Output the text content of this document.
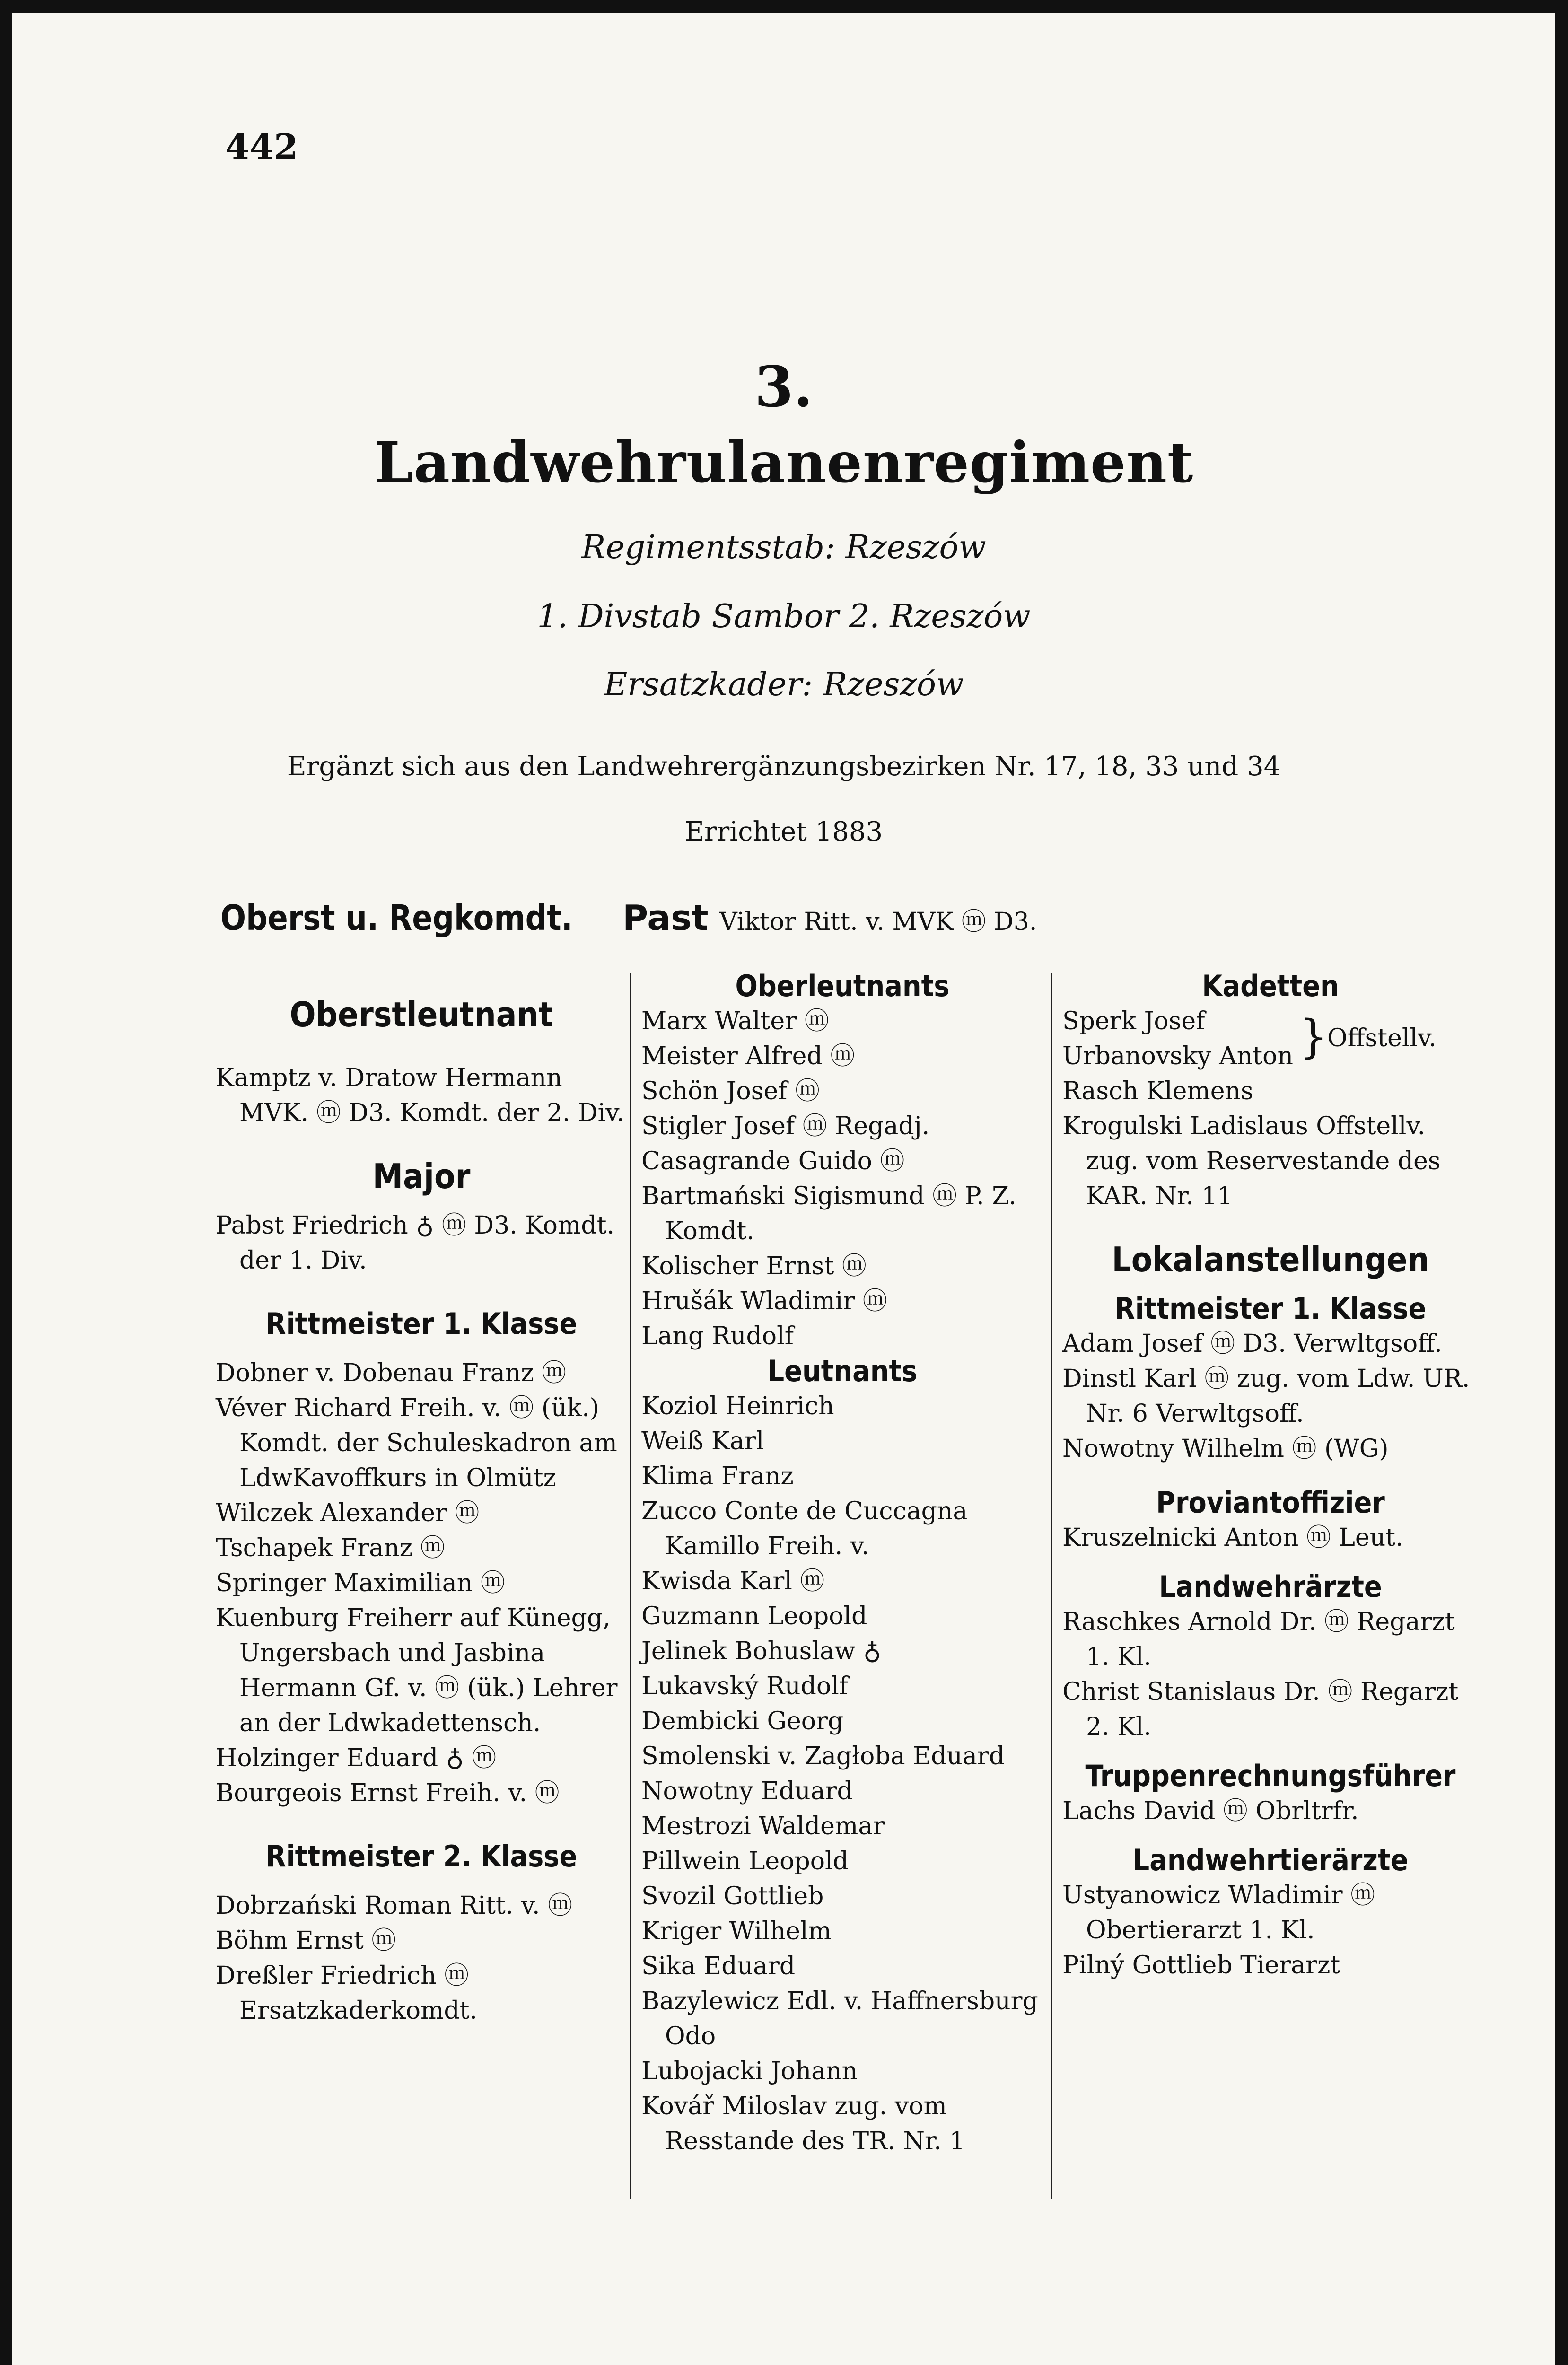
442
3.
Landwehrulanenregiment
Regimentsstab: Rzeszów
1. Divstab Sambor 2. Rzeszów
Ersatzkader: Rzeszów
Ergänzt sich aus den Landwehrergänzungsbezirken Nr. 17, 18, 33 und 34
Errichtet 1883
Oberst u. Regkomdt. Past Viktor Ritt. v. MVK ⓜ D3.

Oberstleutnant

Kamptz v. Dratow Hermann MVK. ⓜ D3. Komdt. der 2. Div.

Major

Pabst Friedrich ♁ ⓜ D3. Komdt. der 1. Div.

Rittmeister 1. Klasse

Dobner v. Dobenau Franz ⓜ

Véver Richard Freih. v. ⓜ (ük.) Komdt. der Schuleskadron am LdwKavoffkurs in Olmütz

Wilczek Alexander ⓜ

Tschapek Franz ⓜ

Springer Maximilian ⓜ

Kuenburg Freiherr auf Künegg, Ungersbach und Jasbina Hermann Gf. v. ⓜ (ük.) Lehrer an der Ldwkadettensch.

Holzinger Eduard ♁ ⓜ

Bourgeois Ernst Freih. v. ⓜ

Rittmeister 2. Klasse

Dobrzański Roman Ritt. v. ⓜ

Böhm Ernst ⓜ

Dreßler Friedrich ⓜ Ersatzkaderkomdt.

Oberleutnants

Marx Walter ⓜ

Meister Alfred ⓜ

Schön Josef ⓜ

Stigler Josef ⓜ Regadj.

Casagrande Guido ⓜ

Bartmański Sigismund ⓜ P. Z. Komdt.

Kolischer Ernst ⓜ

Hrušák Wladimir ⓜ

Lang Rudolf

Leutnants

Koziol Heinrich

Weiß Karl

Klima Franz

Zucco Conte de Cuccagna Kamillo Freih. v.

Kwisda Karl ⓜ

Guzmann Leopold

Jelinek Bohuslaw ♁

Lukavský Rudolf

Dembicki Georg

Smolenski v. Zagłoba Eduard

Nowotny Eduard

Mestrozi Waldemar

Pillwein Leopold

Svozil Gottlieb

Kriger Wilhelm

Sika Eduard

Bazylewicz Edl. v. Haffnersburg Odo

Lubojacki Johann

Kovář Miloslav zug. vom Resstande des TR. Nr. 1

Kadetten

Sperk Josef

Urbanovsky Anton }
Offstellv.

Rasch Klemens

Krogulski Ladislaus Offstellv. zug. vom Reservestande des KAR. Nr. 11

Lokalanstellungen

Rittmeister 1. Klasse

Adam Josef ⓜ D3. Verwltgsoff.

Dinstl Karl ⓜ zug. vom Ldw. UR. Nr. 6 Verwltgsoff.

Nowotny Wilhelm ⓜ (WG)

Proviantoffizier

Kruszelnicki Anton ⓜ Leut.

Landwehrärzte

Raschkes Arnold Dr. ⓜ Regarzt 1. Kl.

Christ Stanislaus Dr. ⓜ Regarzt 2. Kl.

Truppenrechnungsführer

Lachs David ⓜ Obrltrfr.

Landwehrtierärzte

Ustyanowicz Wladimir ⓜ Obertierarzt 1. Kl.

Pilný Gottlieb Tierarzt
